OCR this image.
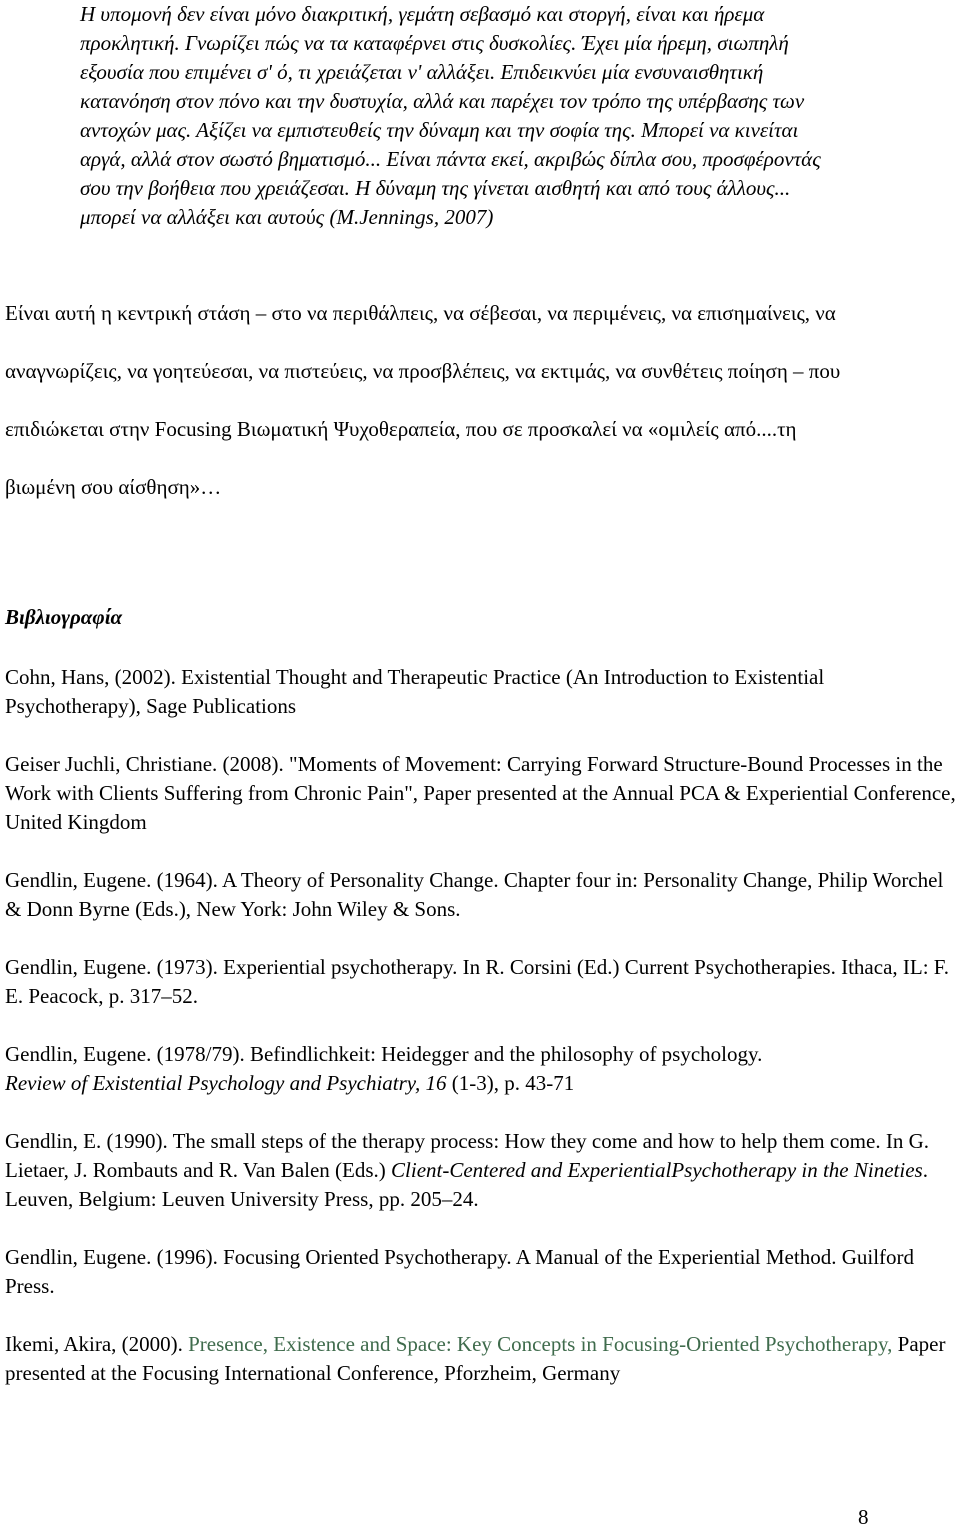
Η υπομονή δεν είναι μόνο διακριτική, γεμάτη σεβασμό και στοργή, είναι και ήρεμα προκλητική. Γνωρίζει πώς να τα καταφέρνει στις δυσκολίες. Έχει μία ήρεμη, σιωπηλή εξουσία που επιμένει σ' ό, τι χρειάζεται ν' αλλάξει. Επιδεικνύει μία ενσυναισθητική κατανόηση στον πόνο και την δυστυχία, αλλά και παρέχει τον τρόπο της υπέρβασης των αντοχών μας. Αξίζει να εμπιστευθείς την δύναμη και την σοφία της. Μπορεί να κινείται αργά, αλλά στον σωστό βηματισμό... Είναι πάντα εκεί, ακριβώς δίπλα σου, προσφέροντάς σου την βοήθεια που χρειάζεσαι. Η δύναμη της γίνεται αισθητή και από τους άλλους... μπορεί να αλλάξει και αυτούς (M.Jennings, 2007)

Είναι αυτή η κεντρική στάση – στο να περιθάλπεις, να σέβεσαι, να περιμένεις, να επισημαίνεις, να αναγνωρίζεις, να γοητεύεσαι, να πιστεύεις, να προσβλέπεις, να εκτιμάς, να συνθέτεις ποίηση – που επιδιώκεται στην Focusing Βιωματική Ψυχοθεραπεία, που σε προσκαλεί να «ομιλείς από....τη βιωμένη σου αίσθηση»…

Βιβλιογραφία

Cohn, Hans, (2002). Existential Thought and Therapeutic Practice (An Introduction to Existential Psychotherapy), Sage Publications

Geiser Juchli, Christiane. (2008). "Moments of Movement: Carrying Forward Structure-Bound Processes in the Work with Clients Suffering from Chronic Pain", Paper presented at the Annual PCA & Experiential Conference, United Kingdom

Gendlin, Eugene. (1964). A Theory of Personality Change. Chapter four in: Personality Change, Philip Worchel & Donn Byrne (Eds.), New York: John Wiley & Sons.

Gendlin, Eugene. (1973). Experiential psychotherapy. In R. Corsini (Ed.) Current Psychotherapies. Ithaca, IL: F. E. Peacock, p. 317–52.

Gendlin, Eugene. (1978/79). Befindlichkeit: Heidegger and the philosophy of psychology.
Review of Existential Psychology and Psychiatry, 16 (1-3), p. 43-71

Gendlin, E. (1990). The small steps of the therapy process: How they come and how to help them come. In G. Lietaer, J. Rombauts and R. Van Balen (Eds.) Client-Centered and ExperientialPsychotherapy in the Nineties. Leuven, Belgium: Leuven University Press, pp. 205–24.

Gendlin, Eugene. (1996). Focusing Oriented Psychotherapy. A Manual of the Experiential Method. Guilford Press.

Ikemi, Akira, (2000). Presence, Existence and Space: Key Concepts in Focusing-Oriented Psychotherapy, Paper presented at the Focusing International Conference, Pforzheim, Germany

8
